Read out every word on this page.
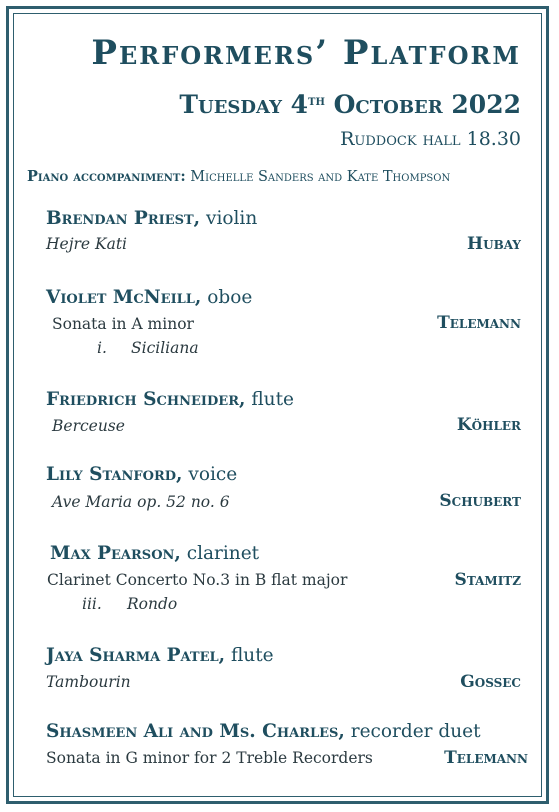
Performers’ Platform
Tuesday 4th October 2022
Ruddock hall 18.30
Piano accompaniment: Michelle Sanders and Kate Thompson
Brendan Priest, violin
Hejre Kati	Hubay
Violet McNeill, oboe
Sonata in A minor	Telemann
i. Siciliana
Friedrich Schneider, flute
Berceuse	Köhler
Lily Stanford, voice
Ave Maria op. 52 no. 6	Schubert
Max Pearson, clarinet
Clarinet Concerto No.3 in B flat major	Stamitz
iii. Rondo
Jaya Sharma Patel, flute
Tambourin	Gossec
Shasmeen Ali and Ms. Charles, recorder duet
Sonata in G minor for 2 Treble Recorders	Telemann
